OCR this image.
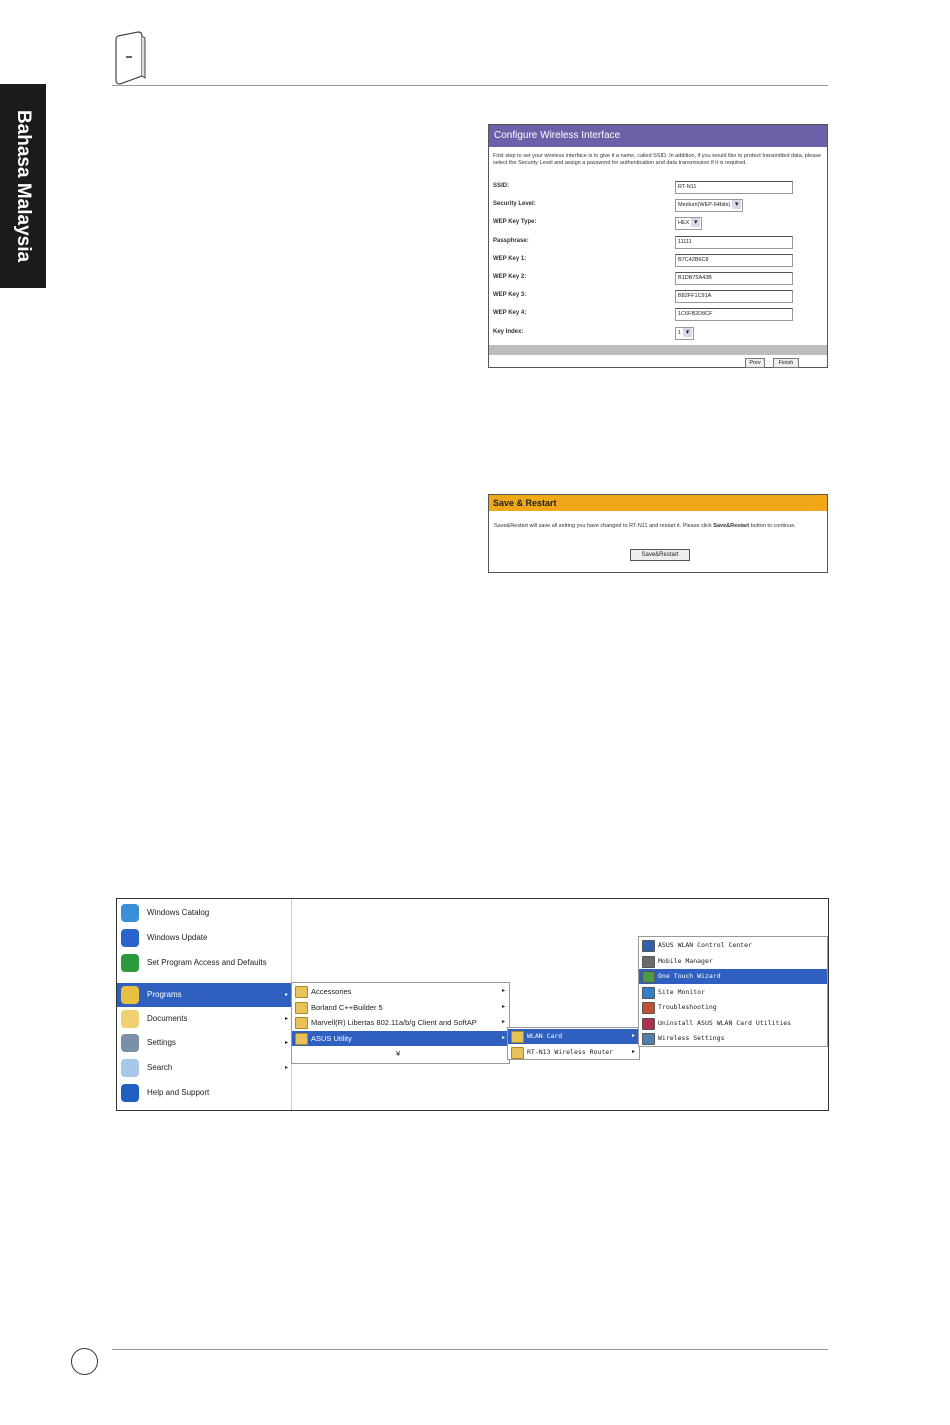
Bahasa Malaysia	Configure Wireless Interface
First step to set your wireless interface is to give it a name, called SSID. In addition, if you would like to protect transmitted data, please select the Security Level and assign a password for authentication and data transmission if it is required.
SSID:	RT-N11
Security Level:	Medium(WEP-64bits) ▾
WEP Key Type:	HEX ▾
Passphrase:	11111
WEP Key 1:	B7C42B6C8
WEP Key 2:	B1DB75A43B
WEP Key 3:	B82FF1C91A
WEP Key 4:	1C6FB2D8CF
Key Index:	1 ▾
Prev	Finish
Save & Restart
Save&Restart will save all setting you have changed to RT-N11 and restart it. Please click Save&Restart button to continue.
Save&Restart
Windows Catalog
Windows Update
Set Program Access and Defaults
Programs	▸
Documents	▸
Settings	▸
Search	▸
Help and Support
Accessories	▸
Borland C++Builder 5	▸
Marvell(R) Libertas 802.11a/b/g Client and SoftAP	▸
ASUS Utility	▸
¥
WLAN Card	▸
RT-N13 Wireless Router	▸
ASUS WLAN Control Center
Mobile Manager
One Touch Wizard
Site Monitor
Troubleshooting
Uninstall ASUS WLAN Card Utilities
Wireless Settings
